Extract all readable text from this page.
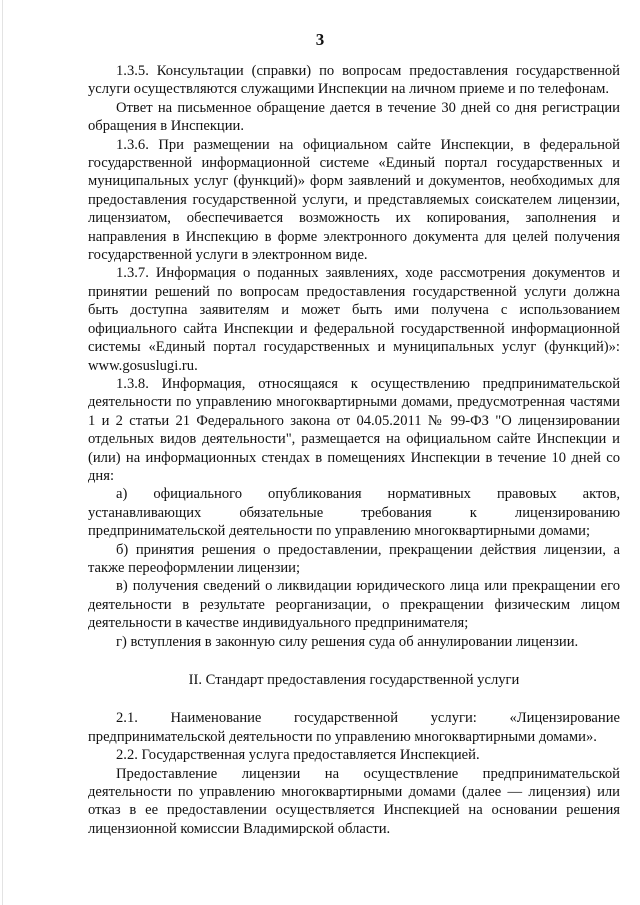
3

1.3.5. Консультации (справки) по вопросам предоставления государственной услуги осуществляются служащими Инспекции на личном приеме и по телефонам.

Ответ на письменное обращение дается в течение 30 дней со дня регистрации обращения в Инспекции.

1.3.6. При размещении на официальном сайте Инспекции, в федеральной государственной информационной системе «Единый портал государственных и муниципальных услуг (функций)» форм заявлений и документов, необходимых для предоставления государственной услуги, и представляемых соискателем лицензии, лицензиатом, обеспечивается возможность их копирования, заполнения и направления в Инспекцию в форме электронного документа для целей получения государственной услуги в электронном виде.

1.3.7. Информация о поданных заявлениях, ходе рассмотрения документов и принятии решений по вопросам предоставления государственной услуги должна быть доступна заявителям и может быть ими получена с использованием официального сайта Инспекции и федеральной государственной информационной системы «Единый портал государственных и муниципальных услуг (функций)»: www.gosuslugi.ru.

1.3.8. Информация, относящаяся к осуществлению предпринимательской деятельности по управлению многоквартирными домами, предусмотренная частями 1 и 2 статьи 21 Федерального закона от 04.05.2011 № 99-ФЗ "О лицензировании отдельных видов деятельности", размещается на официальном сайте Инспекции и (или) на информационных стендах в помещениях Инспекции в течение 10 дней со дня:

а) официального опубликования нормативных правовых актов, устанавливающих обязательные требования к лицензированию предпринимательской деятельности по управлению многоквартирными домами;

б) принятия решения о предоставлении, прекращении действия лицензии, а также переоформлении лицензии;

в) получения сведений о ликвидации юридического лица или прекращении его деятельности в результате реорганизации, о прекращении физическим лицом деятельности в качестве индивидуального предпринимателя;

г) вступления в законную силу решения суда об аннулировании лицензии.

II. Стандарт предоставления государственной услуги

2.1. Наименование государственной услуги: «Лицензирование предпринимательской деятельности по управлению многоквартирными домами».

2.2. Государственная услуга предоставляется Инспекцией.

Предоставление лицензии на осуществление предпринимательской деятельности по управлению многоквартирными домами (далее — лицензия) или отказ в ее предоставлении осуществляется Инспекцией на основании решения лицензионной комиссии Владимирской области.
